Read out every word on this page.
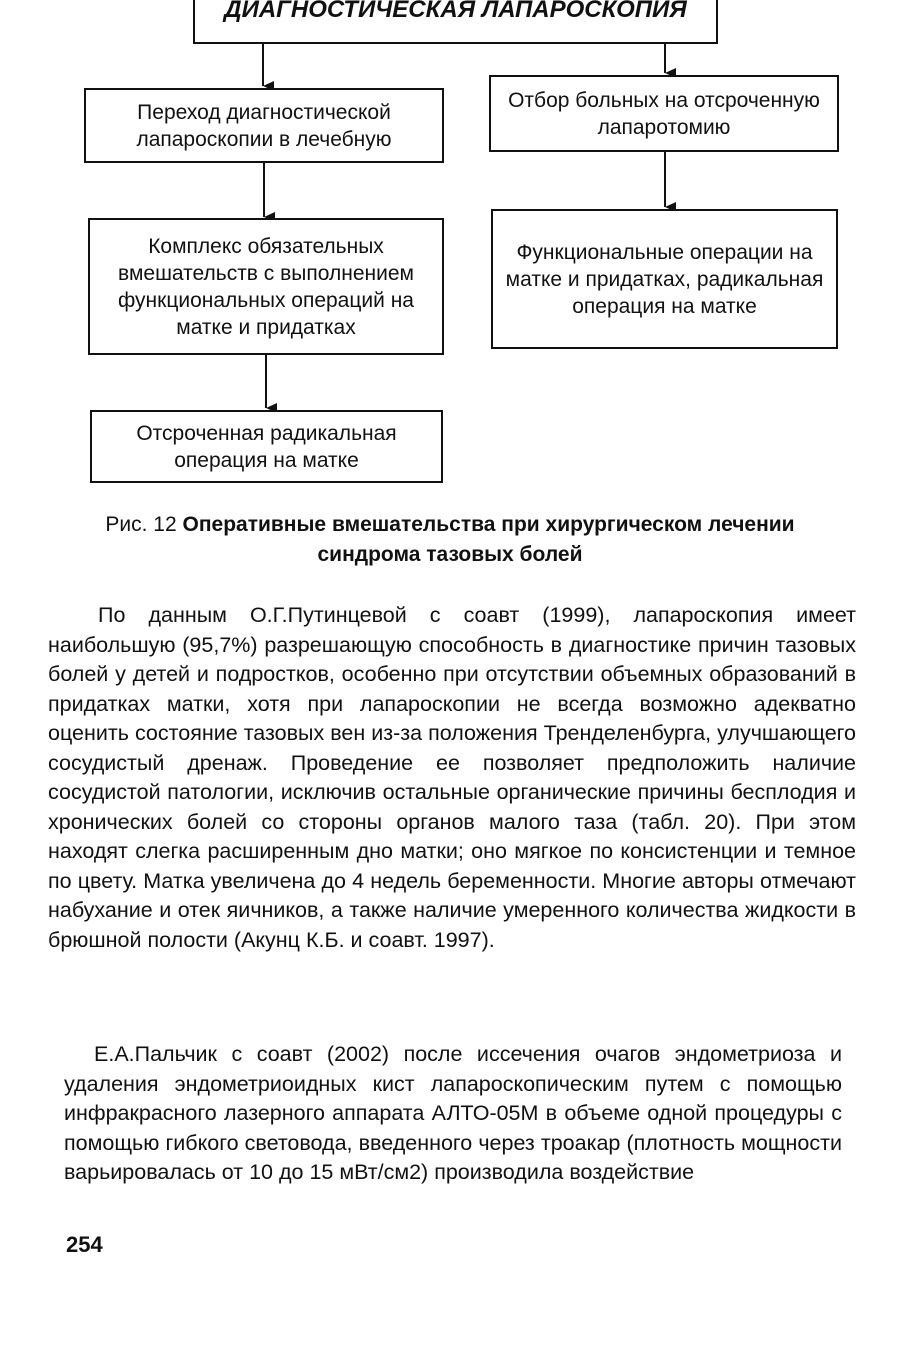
ДИАГНОСТИЧЕСКАЯ ЛАПАРОСКОПИЯ
Переход диагностической лапароскопии в лечебную
Отбор больных на отсроченную лапаротомию
Комплекс обязательных вмешательств с выполнением функциональных операций на матке и придатках
Функциональные операции на матке и придатках, радикальная операция на матке
Отсроченная радикальная операция на матке
Рис. 12 Оперативные вмешательства при хирургическом лечении синдрома тазовых болей

По данным О.Г.Путинцевой с соавт (1999), лапароскопия имеет наибольшую (95,7%) разрешающую способность в диагностике причин тазовых болей у детей и подростков, особенно при отсутствии объемных образований в придатках матки, хотя при лапароскопии не всегда возможно адекватно оценить состояние тазовых вен из-за положения Тренделенбурга, улучшающего сосудистый дренаж. Проведение ее позволяет предположить наличие сосудистой патологии, исключив остальные органические причины бесплодия и хронических болей со стороны органов малого таза (табл. 20). При этом находят слегка расширенным дно матки; оно мягкое по консистенции и темное по цвету. Матка увеличена до 4 недель беременности. Многие авторы отмечают набухание и отек яичников, а также наличие умеренного количества жидкости в брюшной полости (Акунц К.Б. и соавт. 1997).

Е.А.Пальчик с соавт (2002) после иссечения очагов эндометриоза и удаления эндометриоидных кист лапароскопическим путем с помощью инфракрасного лазерного аппарата АЛТО-05М в объеме одной процедуры с помощью гибкого световода, введенного через троакар (плотность мощности варьировалась от 10 до 15 мВт/см2) производила воздействие

254
